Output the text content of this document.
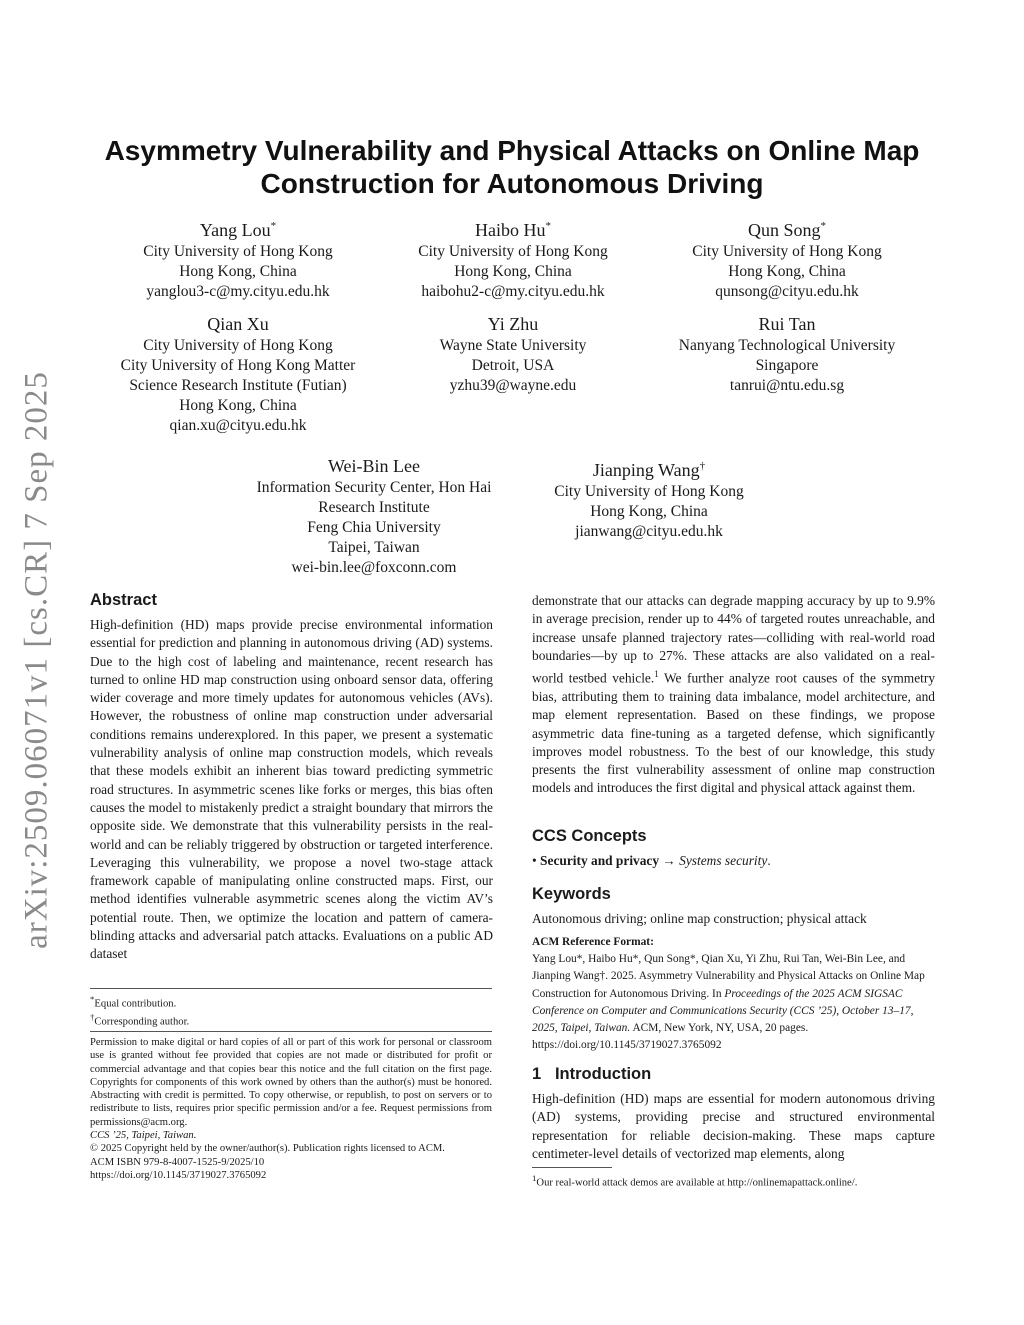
Asymmetry Vulnerability and Physical Attacks on Online Map
Construction for Autonomous Driving
arXiv:2509.06071v1 [cs.CR] 7 Sep 2025
Yang Lou*
City University of Hong Kong
Hong Kong, China
yanglou3-c@my.cityu.edu.hk
Haibo Hu*
City University of Hong Kong
Hong Kong, China
haibohu2-c@my.cityu.edu.hk
Qun Song*
City University of Hong Kong
Hong Kong, China
qunsong@cityu.edu.hk
Qian Xu
City University of Hong Kong
City University of Hong Kong Matter
Science Research Institute (Futian)
Hong Kong, China
qian.xu@cityu.edu.hk
Yi Zhu
Wayne State University
Detroit, USA
yzhu39@wayne.edu
Rui Tan
Nanyang Technological University
Singapore
tanrui@ntu.edu.sg
Wei-Bin Lee
Information Security Center, Hon Hai
Research Institute
Feng Chia University
Taipei, Taiwan
wei-bin.lee@foxconn.com
Jianping Wang†
City University of Hong Kong
Hong Kong, China
jianwang@cityu.edu.hk
Abstract

High-definition (HD) maps provide precise environmental information essential for prediction and planning in autonomous driving (AD) systems. Due to the high cost of labeling and maintenance, recent research has turned to online HD map construction using onboard sensor data, offering wider coverage and more timely updates for autonomous vehicles (AVs). However, the robustness of online map construction under adversarial conditions remains underexplored. In this paper, we present a systematic vulnerability analysis of online map construction models, which reveals that these models exhibit an inherent bias toward predicting symmetric road structures. In asymmetric scenes like forks or merges, this bias often causes the model to mistakenly predict a straight boundary that mirrors the opposite side. We demonstrate that this vulnerability persists in the real-world and can be reliably triggered by obstruction or targeted interference. Leveraging this vulnerability, we propose a novel two-stage attack framework capable of manipulating online constructed maps. First, our method identifies vulnerable asymmetric scenes along the victim AV’s potential route. Then, we optimize the location and pattern of camera-blinding attacks and adversarial patch attacks. Evaluations on a public AD dataset

*Equal contribution.
†Corresponding author.

Permission to make digital or hard copies of all or part of this work for personal or classroom use is granted without fee provided that copies are not made or distributed for profit or commercial advantage and that copies bear this notice and the full citation on the first page. Copyrights for components of this work owned by others than the author(s) must be honored. Abstracting with credit is permitted. To copy otherwise, or republish, to post on servers or to redistribute to lists, requires prior specific permission and/or a fee. Request permissions from permissions@acm.org.

CCS ’25, Taipei, Taiwan.
© 2025 Copyright held by the owner/author(s). Publication rights licensed to ACM.
ACM ISBN 979-8-4007-1525-9/2025/10
https://doi.org/10.1145/3719027.3765092

demonstrate that our attacks can degrade mapping accuracy by up to 9.9% in average precision, render up to 44% of targeted routes unreachable, and increase unsafe planned trajectory rates—colliding with real-world road boundaries—by up to 27%. These attacks are also validated on a real-world testbed vehicle.$^1$ We further analyze root causes of the symmetry bias, attributing them to training data imbalance, model architecture, and map element representation. Based on these findings, we propose asymmetric data fine-tuning as a targeted defense, which significantly improves model robustness. To the best of our knowledge, this study presents the first vulnerability assessment of online map construction models and introduces the first digital and physical attack against them.

CCS Concepts

• Security and privacy → Systems security.

Keywords

Autonomous driving; online map construction; physical attack

ACM Reference Format:

Yang Lou*, Haibo Hu*, Qun Song*, Qian Xu, Yi Zhu, Rui Tan, Wei-Bin Lee, and Jianping Wang†. 2025. Asymmetry Vulnerability and Physical Attacks on Online Map Construction for Autonomous Driving. In Proceedings of the 2025 ACM SIGSAC Conference on Computer and Communications Security (CCS ’25), October 13–17, 2025, Taipei, Taiwan. ACM, New York, NY, USA, 20 pages. https://doi.org/10.1145/3719027.3765092

1 Introduction

High-definition (HD) maps are essential for modern autonomous driving (AD) systems, providing precise and structured environmental representation for reliable decision-making. These maps capture centimeter-level details of vectorized map elements, along

$^1$Our real-world attack demos are available at http://onlinemapattack.online/.
